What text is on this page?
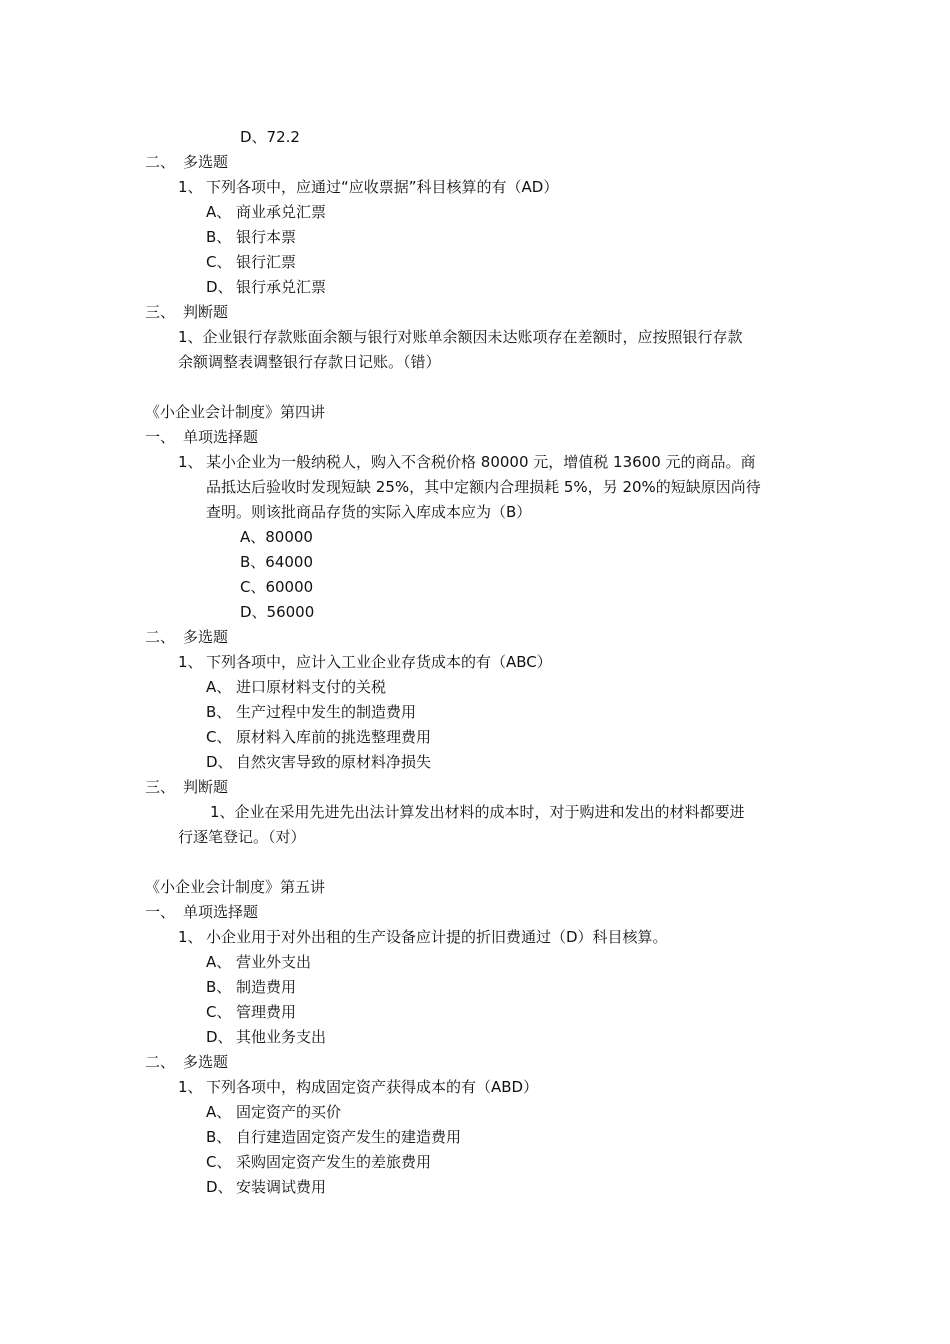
D、72.2
二、 多选题
1、 下列各项中，应通过“应收票据”科目核算的有（AD）
A、 商业承兑汇票
B、 银行本票
C、 银行汇票
D、 银行承兑汇票
三、 判断题
1、企业银行存款账面余额与银行对账单余额因未达账项存在差额时，应按照银行存款
余额调整表调整银行存款日记账。（错）
《小企业会计制度》第四讲
一、 单项选择题
1、 某小企业为一般纳税人，购入不含税价格 80000 元，增值税 13600 元的商品。商
品抵达后验收时发现短缺 25%，其中定额内合理损耗 5%，另 20%的短缺原因尚待
查明。则该批商品存货的实际入库成本应为（B）
A、80000
B、64000
C、60000
D、56000
二、 多选题
1、 下列各项中，应计入工业企业存货成本的有（ABC）
A、 进口原材料支付的关税
B、 生产过程中发生的制造费用
C、 原材料入库前的挑选整理费用
D、 自然灾害导致的原材料净损失
三、 判断题
1、企业在采用先进先出法计算发出材料的成本时，对于购进和发出的材料都要进
行逐笔登记。（对）
《小企业会计制度》第五讲
一、 单项选择题
1、 小企业用于对外出租的生产设备应计提的折旧费通过（D）科目核算。
A、 营业外支出
B、 制造费用
C、 管理费用
D、 其他业务支出
二、 多选题
1、 下列各项中，构成固定资产获得成本的有（ABD）
A、 固定资产的买价
B、 自行建造固定资产发生的建造费用
C、 采购固定资产发生的差旅费用
D、 安装调试费用
